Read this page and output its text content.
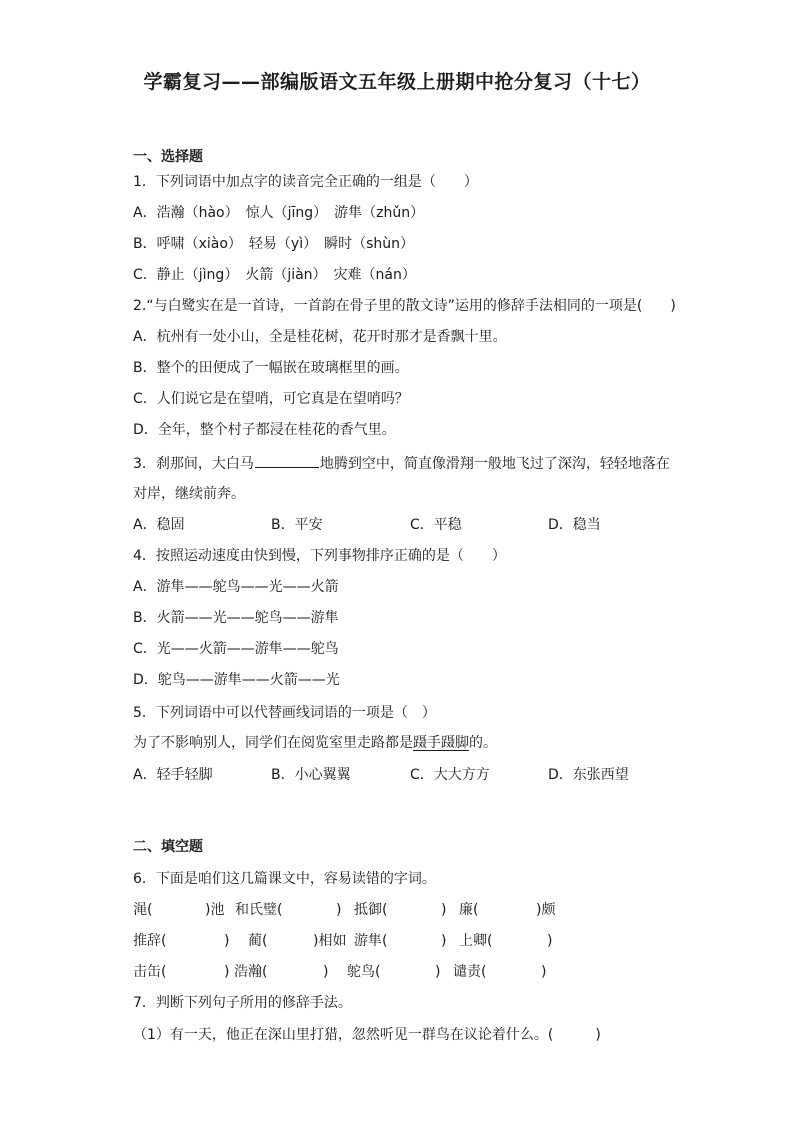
学霸复习——部编版语文五年级上册期中抢分复习（十七）
一、选择题
1．下列词语中加点字的读音完全正确的一组是（　　）
A．浩瀚（hào）　惊人（jīng）　游隼（zhǔn）
B．呼啸（xiào）　轻易（yì）　瞬时（shùn）
C．静止（jìng）　火箭（jiàn）　灾难（nán）
2.“与白鹭实在是一首诗，一首韵在骨子里的散文诗”运用的修辞手法相同的一项是(　　)
A．杭州有一处小山，全是桂花树，花开时那才是香飘十里。
B．整个的田便成了一幅嵌在玻璃框里的画。
C．人们说它是在望哨，可它真是在望哨吗？
D．全年，整个村子都浸在桂花的香气里。
3．刹那间，大白马	地腾到空中，简直像滑翔一般地飞过了深沟，轻轻地落在
对岸，继续前奔。
A．稳固	B．平安	C．平稳	D．稳当
4．按照运动速度由快到慢，下列事物排序正确的是（　　）
A．游隼——鸵鸟——光——火箭
B．火箭——光——鸵鸟——游隼
C．光——火箭——游隼——鸵鸟
D．鸵鸟——游隼——火箭——光
5．下列词语中可以代替画线词语的一项是（　）
为了不影响别人，同学们在阅览室里走路都是蹑手蹑脚的。
A．轻手轻脚	B．小心翼翼	C．大大方方	D．东张西望
二、填空题
6．下面是咱们这几篇课文中，容易读错的字词。
渑(	)池 和氏璧(	) 抵御(	) 廉(	)颇
推辞(	) 蔺(	)相如 游隼(	) 上卿(	)
击缶(	) 浩瀚(	) 鸵鸟(	) 谴责(	)
7．判断下列句子所用的修辞手法。
（1）有一天，他正在深山里打猎，忽然听见一群鸟在议论着什么。(　　　)
